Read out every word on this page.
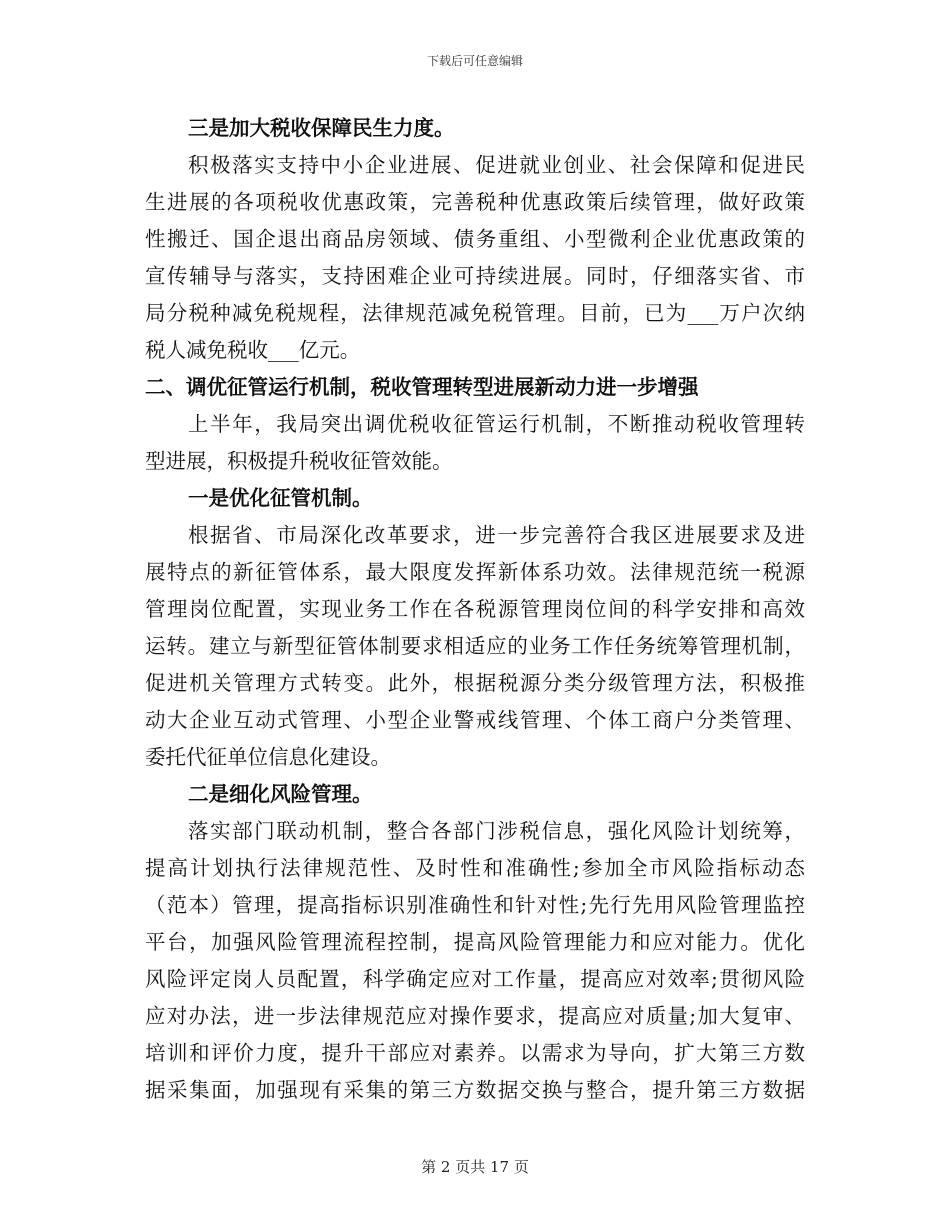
下载后可任意编辑
三是加大税收保障民生力度。
积极落实支持中小企业进展、促进就业创业、社会保障和促进民
生进展的各项税收优惠政策，完善税种优惠政策后续管理，做好政策
性搬迁、国企退出商品房领域、债务重组、小型微利企业优惠政策的
宣传辅导与落实，支持困难企业可持续进展。同时，仔细落实省、市
局分税种减免税规程，法律规范减免税管理。目前，已为___万户次纳
税人减免税收___亿元。
二、调优征管运行机制，税收管理转型进展新动力进一步增强
上半年，我局突出调优税收征管运行机制，不断推动税收管理转
型进展，积极提升税收征管效能。
一是优化征管机制。
根据省、市局深化改革要求，进一步完善符合我区进展要求及进
展特点的新征管体系，最大限度发挥新体系功效。法律规范统一税源
管理岗位配置，实现业务工作在各税源管理岗位间的科学安排和高效
运转。建立与新型征管体制要求相适应的业务工作任务统筹管理机制，
促进机关管理方式转变。此外，根据税源分类分级管理方法，积极推
动大企业互动式管理、小型企业警戒线管理、个体工商户分类管理、
委托代征单位信息化建设。
二是细化风险管理。
落实部门联动机制，整合各部门涉税信息，强化风险计划统筹，
提高计划执行法律规范性、及时性和准确性;参加全市风险指标动态
（范本）管理，提高指标识别准确性和针对性;先行先用风险管理监控
平台，加强风险管理流程控制，提高风险管理能力和应对能力。优化
风险评定岗人员配置，科学确定应对工作量，提高应对效率;贯彻风险
应对办法，进一步法律规范应对操作要求，提高应对质量;加大复审、
培训和评价力度，提升干部应对素养。以需求为导向，扩大第三方数
据采集面，加强现有采集的第三方数据交换与整合，提升第三方数据
第 2 页共 17 页
